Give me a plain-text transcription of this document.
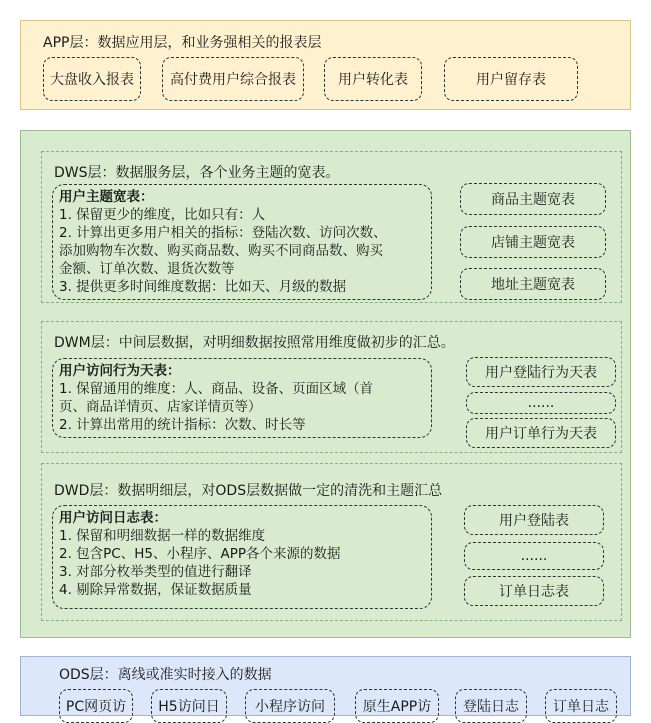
APP层：数据应用层，和业务强相关的报表层
大盘收入报表	高付费用户综合报表	用户转化表	用户留存表
DWS层：数据服务层，各个业务主题的宽表。
用户主题宽表：
1. 保留更少的维度，比如只有：人
2. 计算出更多用户相关的指标：登陆次数、访问次数、
添加购物车次数、购买商品数、购买不同商品数、购买
金额、订单次数、退货次数等
3. 提供更多时间维度数据：比如天、月级的数据
商品主题宽表
店铺主题宽表
地址主题宽表
DWM层：中间层数据，对明细数据按照常用维度做初步的汇总。
用户访问行为天表：
1. 保留通用的维度：人、商品、设备、页面区域（首
页、商品详情页、店家详情页等）
2. 计算出常用的统计指标：次数、时长等
用户登陆行为天表
......
用户订单行为天表
DWD层：数据明细层，对ODS层数据做一定的清洗和主题汇总
用户访问日志表：
1. 保留和明细数据一样的数据维度
2. 包含PC、H5、小程序、APP各个来源的数据
3. 对部分枚举类型的值进行翻译
4. 剔除异常数据，保证数据质量
用户登陆表
......
订单日志表
ODS层：离线或准实时接入的数据
PC网页访	H5访问日	小程序访问	原生APP访	登陆日志	订单日志
